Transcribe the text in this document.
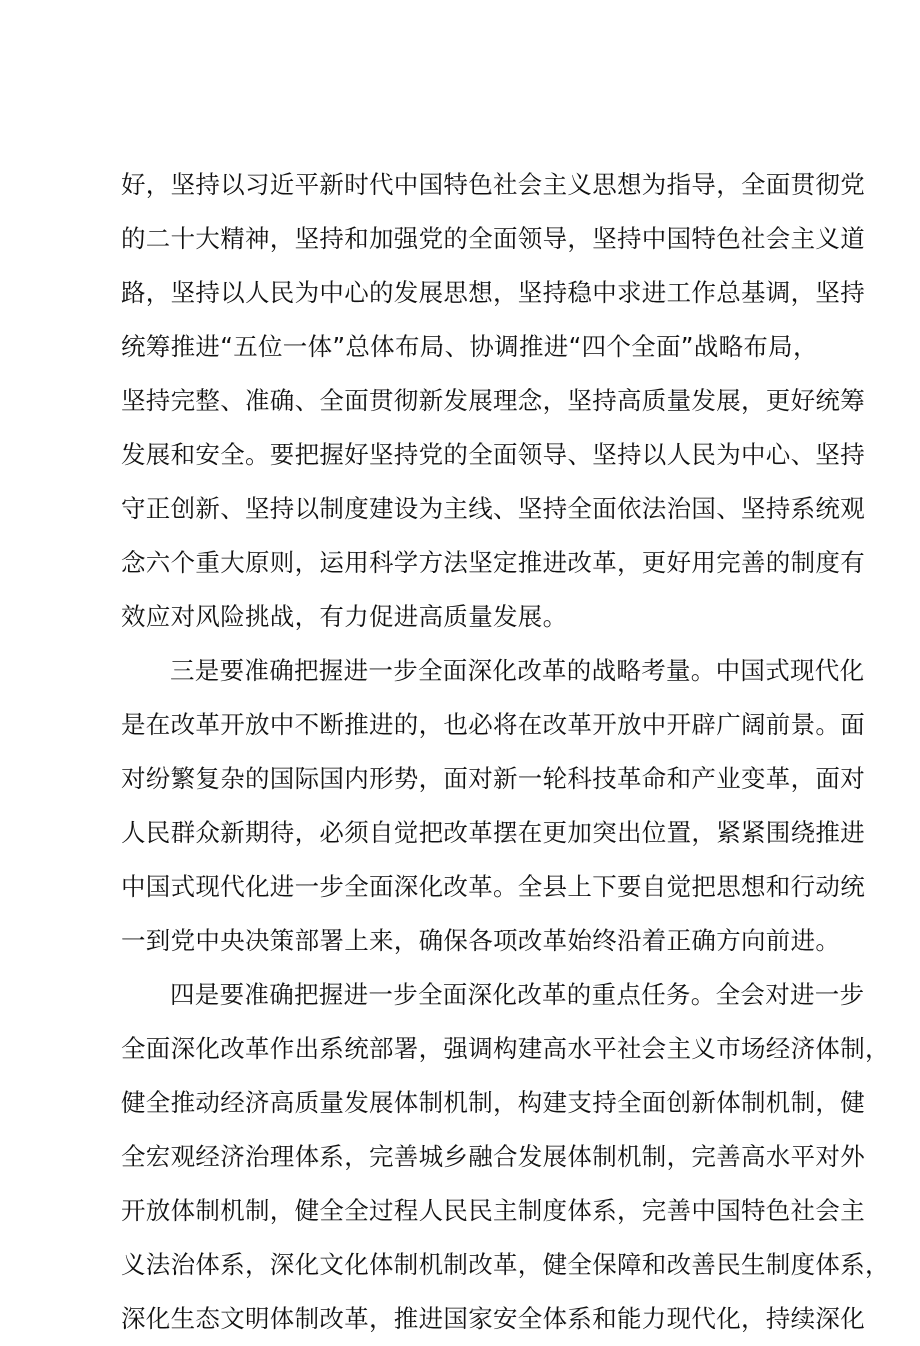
好，坚持以习近平新时代中国特色社会主义思想为指导，全面贯彻党
的二十大精神，坚持和加强党的全面领导，坚持中国特色社会主义道
路，坚持以人民为中心的发展思想，坚持稳中求进工作总基调，坚持
统筹推进“五位一体”总体布局、协调推进“四个全面”战略布局，
坚持完整、准确、全面贯彻新发展理念，坚持高质量发展，更好统筹
发展和安全。要把握好坚持党的全面领导、坚持以人民为中心、坚持
守正创新、坚持以制度建设为主线、坚持全面依法治国、坚持系统观
念六个重大原则，运用科学方法坚定推进改革，更好用完善的制度有
效应对风险挑战，有力促进高质量发展。
三是要准确把握进一步全面深化改革的战略考量。中国式现代化
是在改革开放中不断推进的，也必将在改革开放中开辟广阔前景。面
对纷繁复杂的国际国内形势，面对新一轮科技革命和产业变革，面对
人民群众新期待，必须自觉把改革摆在更加突出位置，紧紧围绕推进
中国式现代化进一步全面深化改革。全县上下要自觉把思想和行动统
一到党中央决策部署上来，确保各项改革始终沿着正确方向前进。
四是要准确把握进一步全面深化改革的重点任务。全会对进一步
全面深化改革作出系统部署，强调构建高水平社会主义市场经济体制，
健全推动经济高质量发展体制机制，构建支持全面创新体制机制，健
全宏观经济治理体系，完善城乡融合发展体制机制，完善高水平对外
开放体制机制，健全全过程人民民主制度体系，完善中国特色社会主
义法治体系，深化文化体制机制改革，健全保障和改善民生制度体系，
深化生态文明体制改革，推进国家安全体系和能力现代化，持续深化
